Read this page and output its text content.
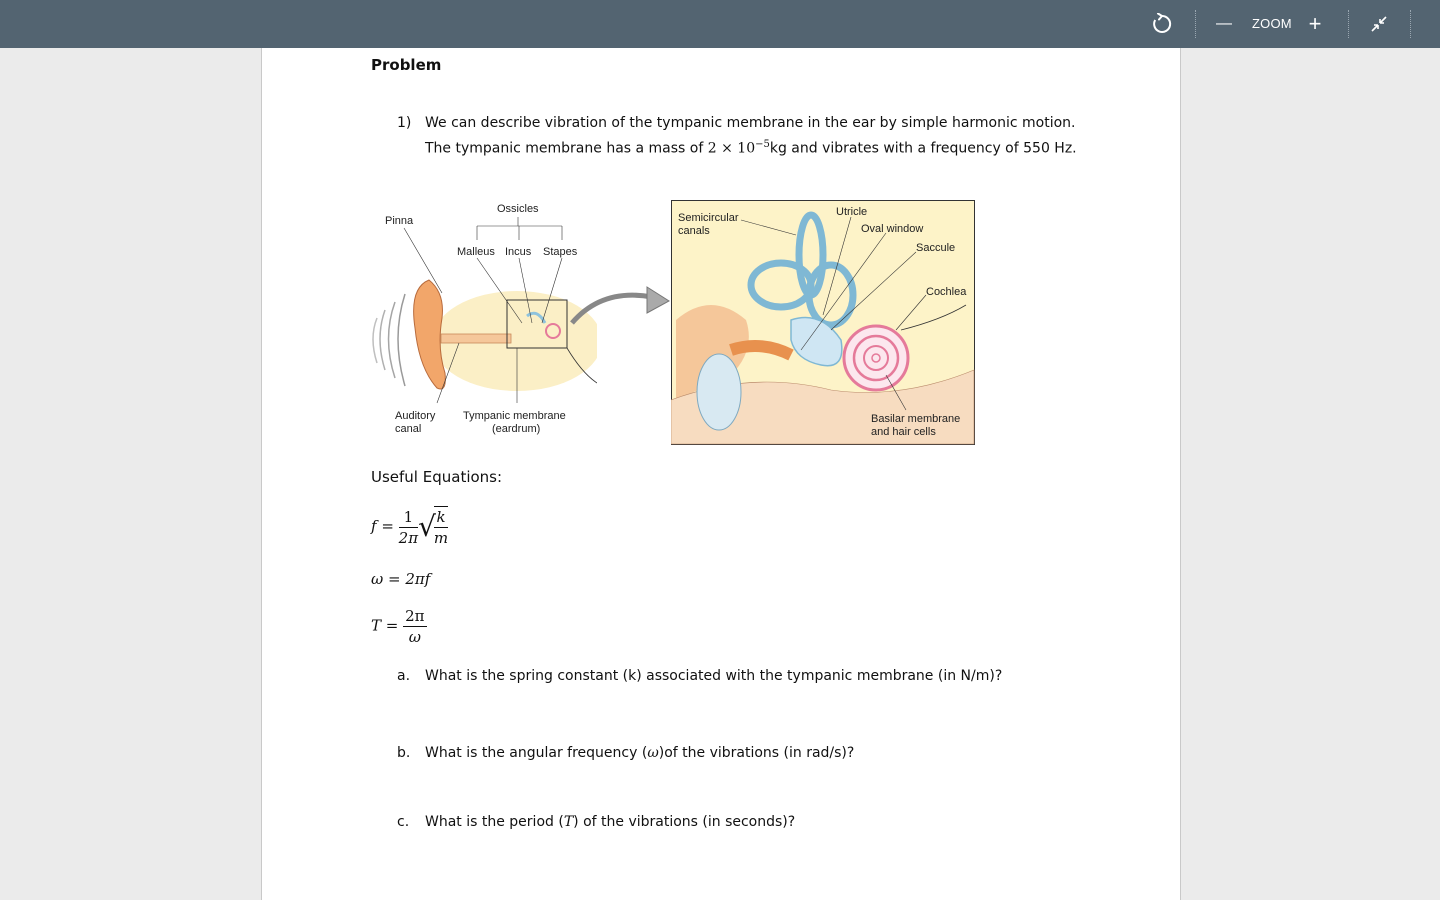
— ZOOM +
Problem
1) We can describe vibration of the tympanic membrane in the ear by simple harmonic motion.
The tympanic membrane has a mass of $2 \times 10^{-5}kg$ and vibrates with a frequency of 550 Hz.
Pinna
Ossicles
Malleus Incus Stapes
Auditory
canal
Tympanic membrane
(eardrum)
Semicircular
canals
Utricle
Oval window
Saccule
Cochlea
Basilar membrane
and hair cells
Useful Equations:
$f = \frac{1}{2\pi}$ √
$\frac{k}{m}$
ω = 2πf
$T = \frac{2\pi}{\omega}$
a. What is the spring constant (k) associated with the tympanic membrane (in N/m)?
b. What is the angular frequency (ω)of the vibrations (in rad/s)?
c. What is the period (T) of the vibrations (in seconds)?
